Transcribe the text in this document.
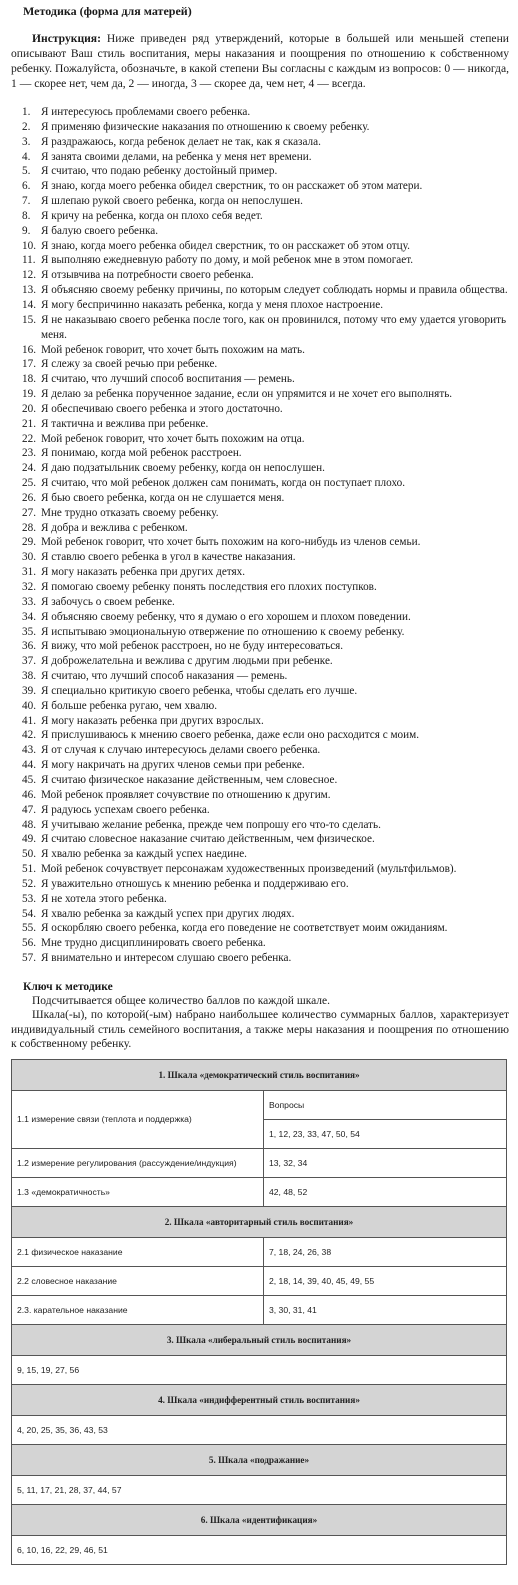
Методика (форма для матерей)

Инструкция: Ниже приведен ряд утверждений, которые в большей или меньшей степени описывают Ваш стиль воспитания, меры наказания и поощрения по отношению к собственному ребенку. Пожалуйста, обозначьте, в какой степени Вы согласны с каждым из вопросов: 0 — никогда, 1 — скорее нет, чем да, 2 — иногда, 3 — скорее да, чем нет, 4 — всегда.

1. Я интересуюсь проблемами своего ребенка.
2. Я применяю физические наказания по отношению к своему ребенку.
3. Я раздражаюсь, когда ребенок делает не так, как я сказала.
4. Я занята своими делами, на ребенка у меня нет времени.
5. Я считаю, что подаю ребенку достойный пример.
6. Я знаю, когда моего ребенка обидел сверстник, то он расскажет об этом матери.
7. Я шлепаю рукой своего ребенка, когда он непослушен.
8. Я кричу на ребенка, когда он плохо себя ведет.
9. Я балую своего ребенка.
10. Я знаю, когда моего ребенка обидел сверстник, то он расскажет об этом отцу.
11. Я выполняю ежедневную работу по дому, и мой ребенок мне в этом помогает.
12. Я отзывчива на потребности своего ребенка.
13. Я объясняю своему ребенку причины, по которым следует соблюдать нормы и правила общества.
14. Я могу беспричинно наказать ребенка, когда у меня плохое настроение.
15. Я не наказываю своего ребенка после того, как он провинился, потому что ему удается уговорить меня.
16. Мой ребенок говорит, что хочет быть похожим на мать.
17. Я слежу за своей речью при ребенке.
18. Я считаю, что лучший способ воспитания — ремень.
19. Я делаю за ребенка порученное задание, если он упрямится и не хочет его выполнять.
20. Я обеспечиваю своего ребенка и этого достаточно.
21. Я тактична и вежлива при ребенке.
22. Мой ребенок говорит, что хочет быть похожим на отца.
23. Я понимаю, когда мой ребенок расстроен.
24. Я даю подзатыльник своему ребенку, когда он непослушен.
25. Я считаю, что мой ребенок должен сам понимать, когда он поступает плохо.
26. Я бью своего ребенка, когда он не слушается меня.
27. Мне трудно отказать своему ребенку.
28. Я добра и вежлива с ребенком.
29. Мой ребенок говорит, что хочет быть похожим на кого-нибудь из членов семьи.
30. Я ставлю своего ребенка в угол в качестве наказания.
31. Я могу наказать ребенка при других детях.
32. Я помогаю своему ребенку понять последствия его плохих поступков.
33. Я забочусь о своем ребенке.
34. Я объясняю своему ребенку, что я думаю о его хорошем и плохом поведении.
35. Я испытываю эмоциональную отвержение по отношению к своему ребенку.
36. Я вижу, что мой ребенок расстроен, но не буду интересоваться.
37. Я доброжелательна и вежлива с другим людьми при ребенке.
38. Я считаю, что лучший способ наказания — ремень.
39. Я специально критикую своего ребенка, чтобы сделать его лучше.
40. Я больше ребенка ругаю, чем хвалю.
41. Я могу наказать ребенка при других взрослых.
42. Я прислушиваюсь к мнению своего ребенка, даже если оно расходится с моим.
43. Я от случая к случаю интересуюсь делами своего ребенка.
44. Я могу накричать на других членов семьи при ребенке.
45. Я считаю физическое наказание действенным, чем словесное.
46. Мой ребенок проявляет сочувствие по отношению к другим.
47. Я радуюсь успехам своего ребенка.
48. Я учитываю желание ребенка, прежде чем попрошу его что-то сделать.
49. Я считаю словесное наказание считаю действенным, чем физическое.
50. Я хвалю ребенка за каждый успех наедине.
51. Мой ребенок сочувствует персонажам художественных произведений (мультфильмов).
52. Я уважительно отношусь к мнению ребенка и поддерживаю его.
53. Я не хотела этого ребенка.
54. Я хвалю ребенка за каждый успех при других людях.
55. Я оскорбляю своего ребенка, когда его поведение не соответствует моим ожиданиям.
56. Мне трудно дисциплинировать своего ребенка.
57. Я внимательно и интересом слушаю своего ребенка.
Ключ к методике

Подсчитывается общее количество баллов по каждой шкале.

Шкала(-ы), по которой(-ым) набрано наибольшее количество суммарных баллов, характеризует индивидуальный стиль семейного воспитания, а также меры наказания и поощрения по отношению к собственному ребенку.

1. Шкала «демократический стиль воспитания»	
1.1 измерение связи (теплота и поддержка)	Вопросы
	1, 12, 23, 33, 47, 50, 54
1.2 измерение регулирования (рассуждение/индукция)	13, 32, 34
1.3 «демократичность»	42, 48, 52
2. Шкала «авторитарный стиль воспитания»	
2.1 физическое наказание	7, 18, 24, 26, 38
2.2 словесное наказание	2, 18, 14, 39, 40, 45, 49, 55
2.3. карательное наказание	3, 30, 31, 41
3. Шкала «либеральный стиль воспитания»	
9, 15, 19, 27, 56	
4. Шкала «индифферентный стиль воспитания»	
4, 20, 25, 35, 36, 43, 53	
5. Шкала «подражание»	
5, 11, 17, 21, 28, 37, 44, 57	
6. Шкала «идентификация»	
6, 10, 16, 22, 29, 46, 51	
